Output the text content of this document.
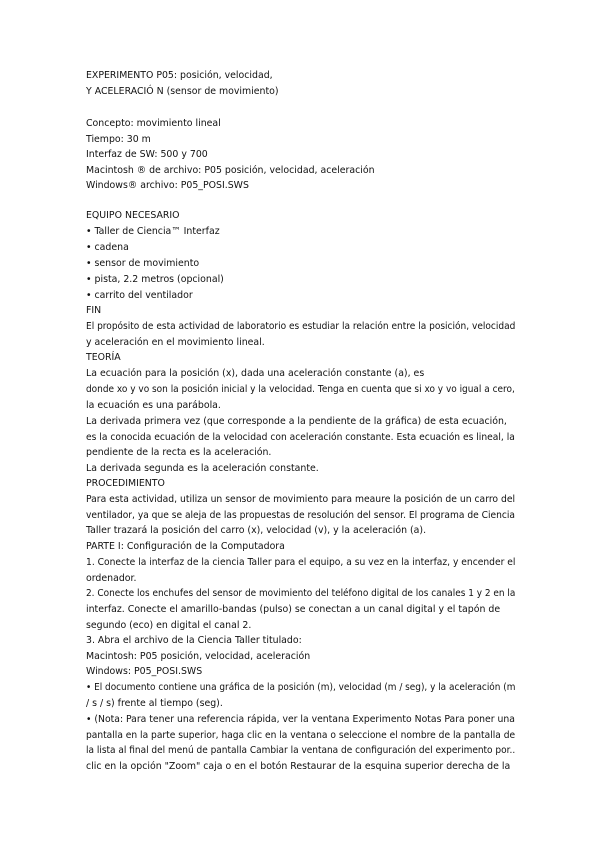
EXPERIMENTO P05: posición, velocidad,
Y ACELERACIÓ N (sensor de movimiento)
Concepto: movimiento lineal
Tiempo: 30 m
Interfaz de SW: 500 y 700
Macintosh ® de archivo: P05 posición, velocidad, aceleración
Windows® archivo: P05_POSI.SWS
EQUIPO NECESARIO
• Taller de Ciencia™ Interfaz
• cadena
• sensor de movimiento
• pista, 2.2 metros (opcional)
• carrito del ventilador
FIN
El propósito de esta actividad de laboratorio es estudiar la relación entre la posición, velocidad
y aceleración en el movimiento lineal.
TEORÍA
La ecuación para la posición (x), dada una aceleración constante (a), es
donde xo y vo son la posición inicial y la velocidad. Tenga en cuenta que si xo y vo igual a cero,
la ecuación es una parábola.
La derivada primera vez (que corresponde a la pendiente de la gráfica) de esta ecuación,
es la conocida ecuación de la velocidad con aceleración constante. Esta ecuación es lineal, la
pendiente de la recta es la aceleración.
La derivada segunda es la aceleración constante.
PROCEDIMIENTO
Para esta actividad, utiliza un sensor de movimiento para meaure la posición de un carro del
ventilador, ya que se aleja de las propuestas de resolución del sensor. El programa de Ciencia
Taller trazará la posición del carro (x), velocidad (v), y la aceleración (a).
PARTE I: Configuración de la Computadora
1. Conecte la interfaz de la ciencia Taller para el equipo, a su vez en la interfaz, y encender el
ordenador.
2. Conecte los enchufes del sensor de movimiento del teléfono digital de los canales 1 y 2 en la
interfaz. Conecte el amarillo-bandas (pulso) se conectan a un canal digital y el tapón de
segundo (eco) en digital el canal 2.
3. Abra el archivo de la Ciencia Taller titulado:
Macintosh: P05 posición, velocidad, aceleración
Windows: P05_POSI.SWS
• El documento contiene una gráfica de la posición (m), velocidad (m / seg), y la aceleración (m
/ s / s) frente al tiempo (seg).
• (Nota: Para tener una referencia rápida, ver la ventana Experimento Notas Para poner una
pantalla en la parte superior, haga clic en la ventana o seleccione el nombre de la pantalla de
la lista al final del menú de pantalla Cambiar la ventana de configuración del experimento por..
clic en la opción "Zoom" caja o en el botón Restaurar de la esquina superior derecha de la
